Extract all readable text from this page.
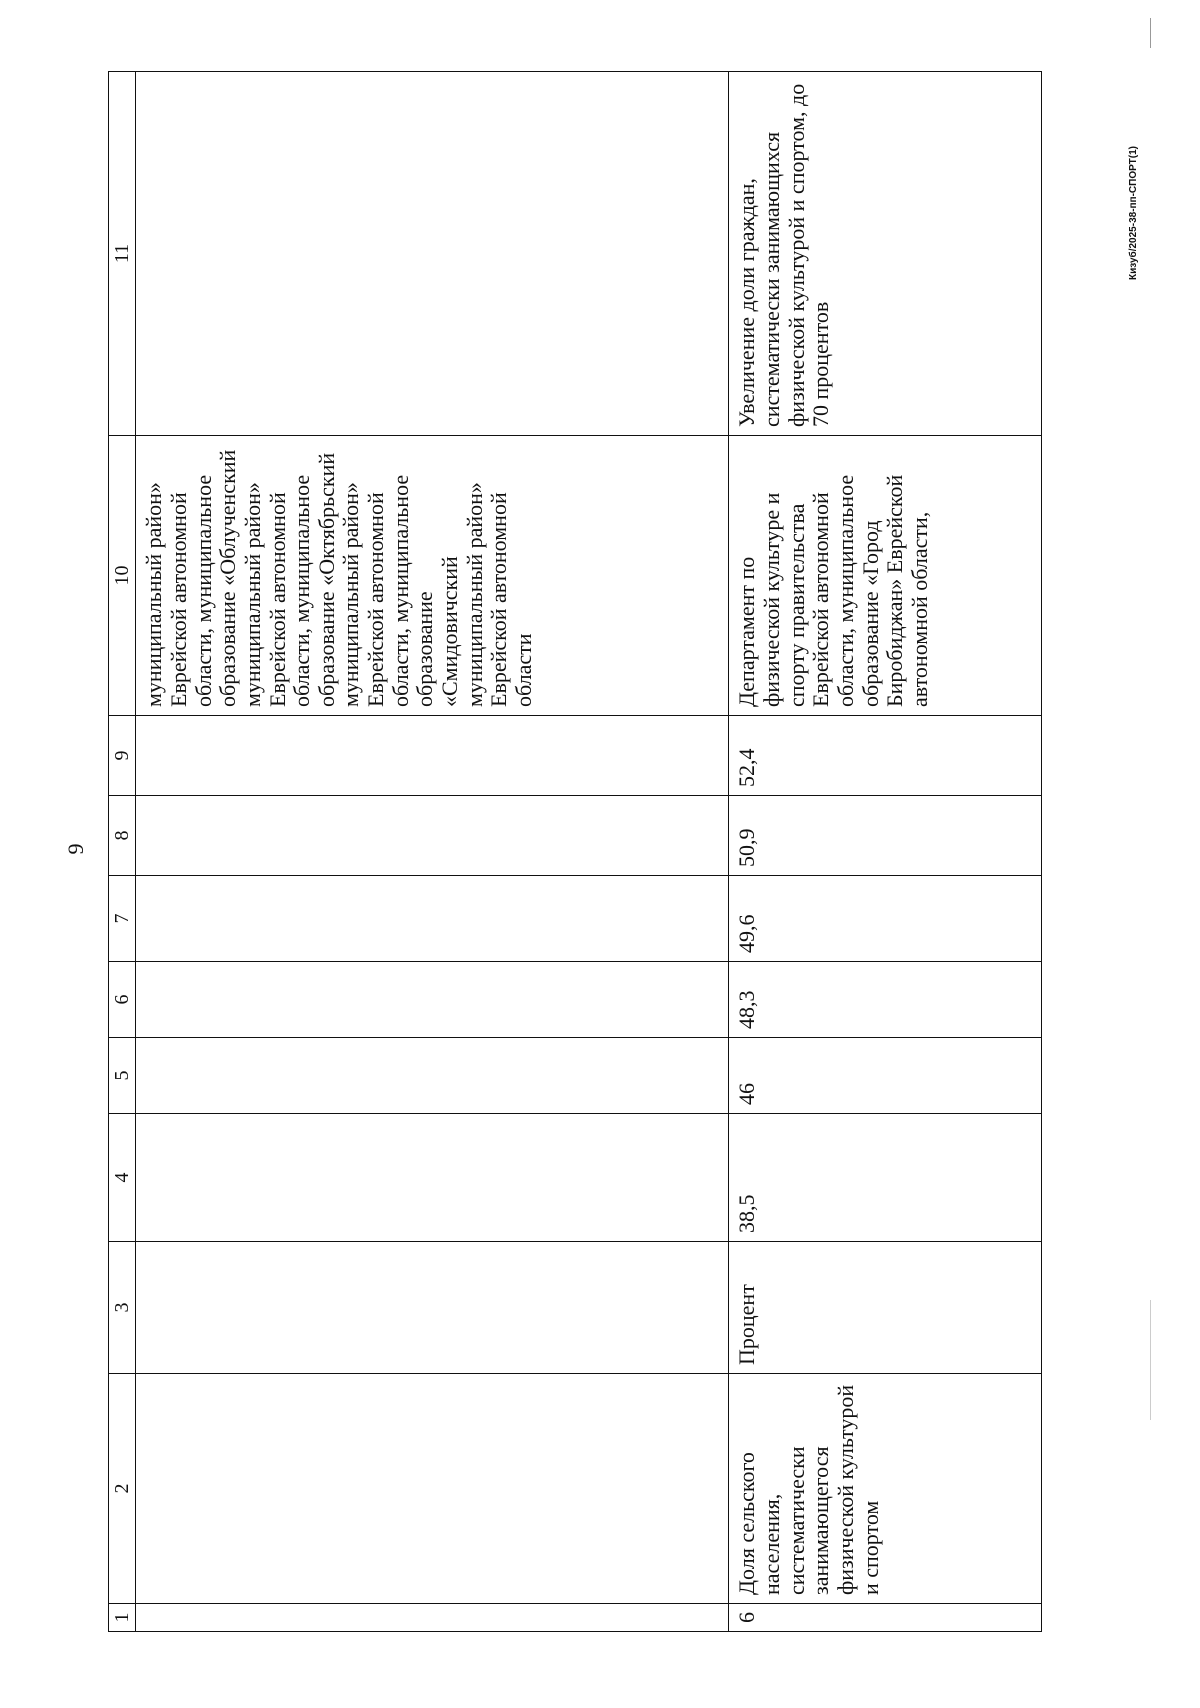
9
1	2	3	4	5	6	7	8	9	10	11
									муниципальный район» Еврейской автономной области, муниципальное образование «Облученский муниципальный район» Еврейской автономной области, муниципальное образование «Октябрьский муниципальный район» Еврейской автономной области, муниципальное образование «Смидовичский муниципальный район» Еврейской автономной области	
6	Доля сельского населения, систематически занимающегося физической культурой и спортом	Процент	38,5	46	48,3	49,6	50,9	52,4	Департамент по физической культуре и спорту правительства Еврейской автономной области, муниципальное образование «Город Биробиджан» Еврейской автономной области,	Увеличение доли граждан, систематически занимающихся физической культурой и спортом, до 70 процентов
Кизуб/2025-38-пп-СПОРТ(1)
